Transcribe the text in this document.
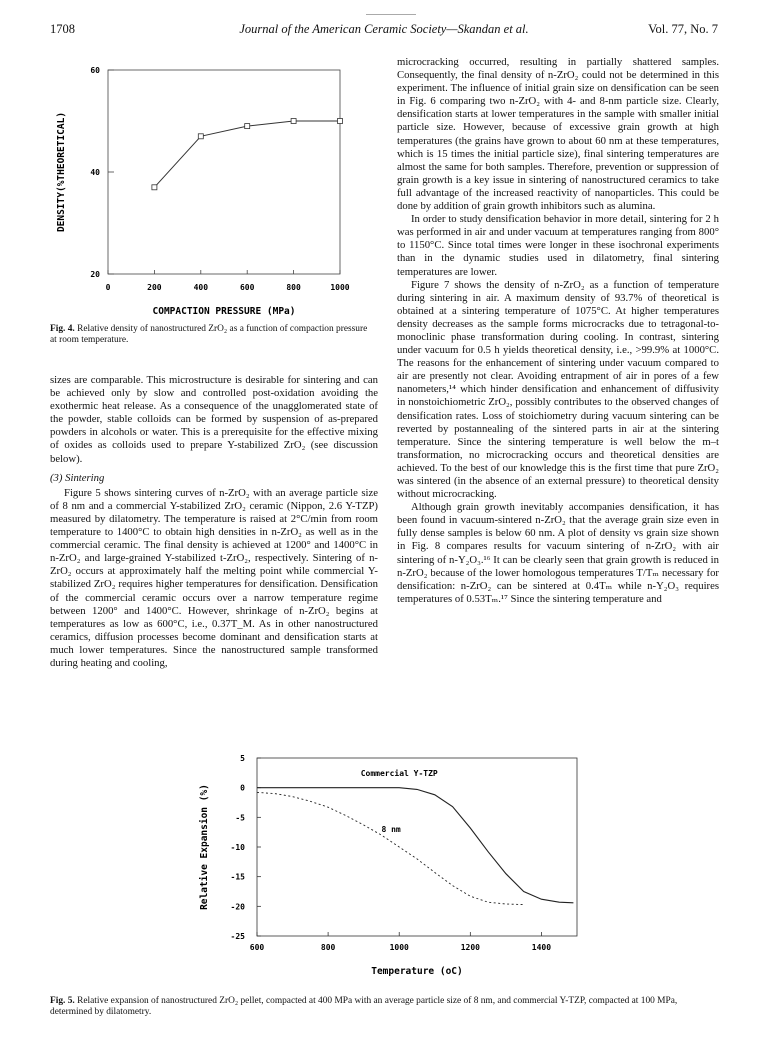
1708	Journal of the American Ceramic Society—Skandan et al.	Vol. 77, No. 7
0	200	400	600	800	1000
60
40
20
COMPACTION PRESSURE (MPa)
DENSITY(%THEORETICAL)
Fig. 4. Relative density of nanostructured ZrO₂ as a function of compaction pressure at room temperature.

sizes are comparable. This microstructure is desirable for sintering and can be achieved only by slow and controlled post-oxidation avoiding the exothermic heat release. As a consequence of the unagglomerated state of the powder, stable colloids can be formed by suspension of as-prepared powders in alcohols or water. This is a prerequisite for the effective mixing of oxides as colloids used to prepare Y-stabilized ZrO₂ (see discussion below).

(3) Sintering

Figure 5 shows sintering curves of n-ZrO₂ with an average particle size of 8 nm and a commercial Y-stabilized ZrO₂ ceramic (Nippon, 2.6 Y-TZP) measured by dilatometry. The temperature is raised at 2°C/min from room temperature to 1400°C to obtain high densities in n-ZrO₂ as well as in the commercial ceramic. The final density is achieved at 1200° and 1400°C in n-ZrO₂ and large-grained Y-stabilized t-ZrO₂, respectively. Sintering of n-ZrO₂ occurs at approximately half the melting point while commercial Y-stabilized ZrO₂ requires higher temperatures for densification. Densification of the commercial ceramic occurs over a narrow temperature regime between 1200° and 1400°C. However, shrinkage of n-ZrO₂ begins at temperatures as low as 600°C, i.e., 0.37T_M. As in other nanostructured ceramics, diffusion processes become dominant and densification starts at much lower temperatures. Since the nanostructured sample transformed during heating and cooling,

microcracking occurred, resulting in partially shattered samples. Consequently, the final density of n-ZrO₂ could not be determined in this experiment. The influence of initial grain size on densification can be seen in Fig. 6 comparing two n-ZrO₂ with 4- and 8-nm particle size. Clearly, densification starts at lower temperatures in the sample with smaller initial particle size. However, because of excessive grain growth at high temperatures (the grains have grown to about 60 nm at these temperatures, which is 15 times the initial particle size), final sintering temperatures are almost the same for both samples. Therefore, prevention or suppression of grain growth is a key issue in sintering of nanostructured ceramics to take full advantage of the increased reactivity of nanoparticles. This could be done by addition of grain growth inhibitors such as alumina.

In order to study densification behavior in more detail, sintering for 2 h was performed in air and under vacuum at temperatures ranging from 800° to 1150°C. Since total times were longer in these isochronal experiments than in the dynamic studies used in dilatometry, final sintering temperatures are lower.

Figure 7 shows the density of n-ZrO₂ as a function of temperature during sintering in air. A maximum density of 93.7% of theoretical is obtained at a sintering temperature of 1075°C. At higher temperatures density decreases as the sample forms microcracks due to tetragonal-to-monoclinic phase transformation during cooling. In contrast, sintering under vacuum for 0.5 h yields theoretical density, i.e., >99.9% at 1000°C. The reasons for the enhancement of sintering under vacuum compared to air are presently not clear. Avoiding entrapment of air in pores of a few nanometers,¹⁴ which hinder densification and enhancement of diffusivity in nonstoichiometric ZrO₂, possibly contributes to the observed changes of densification rates. Loss of stoichiometry during vacuum sintering can be reverted by postannealing of the sintered parts in air at the sintering temperature. Since the sintering temperature is well below the m–t transformation, no microcracking occurs and theoretical densities are achieved. To the best of our knowledge this is the first time that pure ZrO₂ was sintered (in the absence of an external pressure) to theoretical density without microcracking.

Although grain growth inevitably accompanies densification, it has been found in vacuum-sintered n-ZrO₂ that the average grain size even in fully dense samples is below 60 nm. A plot of density vs grain size shown in Fig. 8 compares results for vacuum sintering of n-ZrO₂ with air sintering of n-Y₂O₃.¹⁶ It can be clearly seen that grain growth is reduced in n-ZrO₂ because of the lower homologous temperatures T/Tₘ necessary for densification: n-ZrO₂ can be sintered at 0.4Tₘ while n-Y₂O₃ requires temperatures of 0.53Tₘ.¹⁷ Since the sintering temperature and

600	800	1000	1200	1400
5
0
-5
-10
-15
-20
-25
Commercial Y-TZP
8 nm
Temperature (oC)
Relative Expansion (%)
Fig. 5. Relative expansion of nanostructured ZrO₂ pellet, compacted at 400 MPa with an average particle size of 8 nm, and commercial Y-TZP, compacted at 100 MPa, determined by dilatometry.
